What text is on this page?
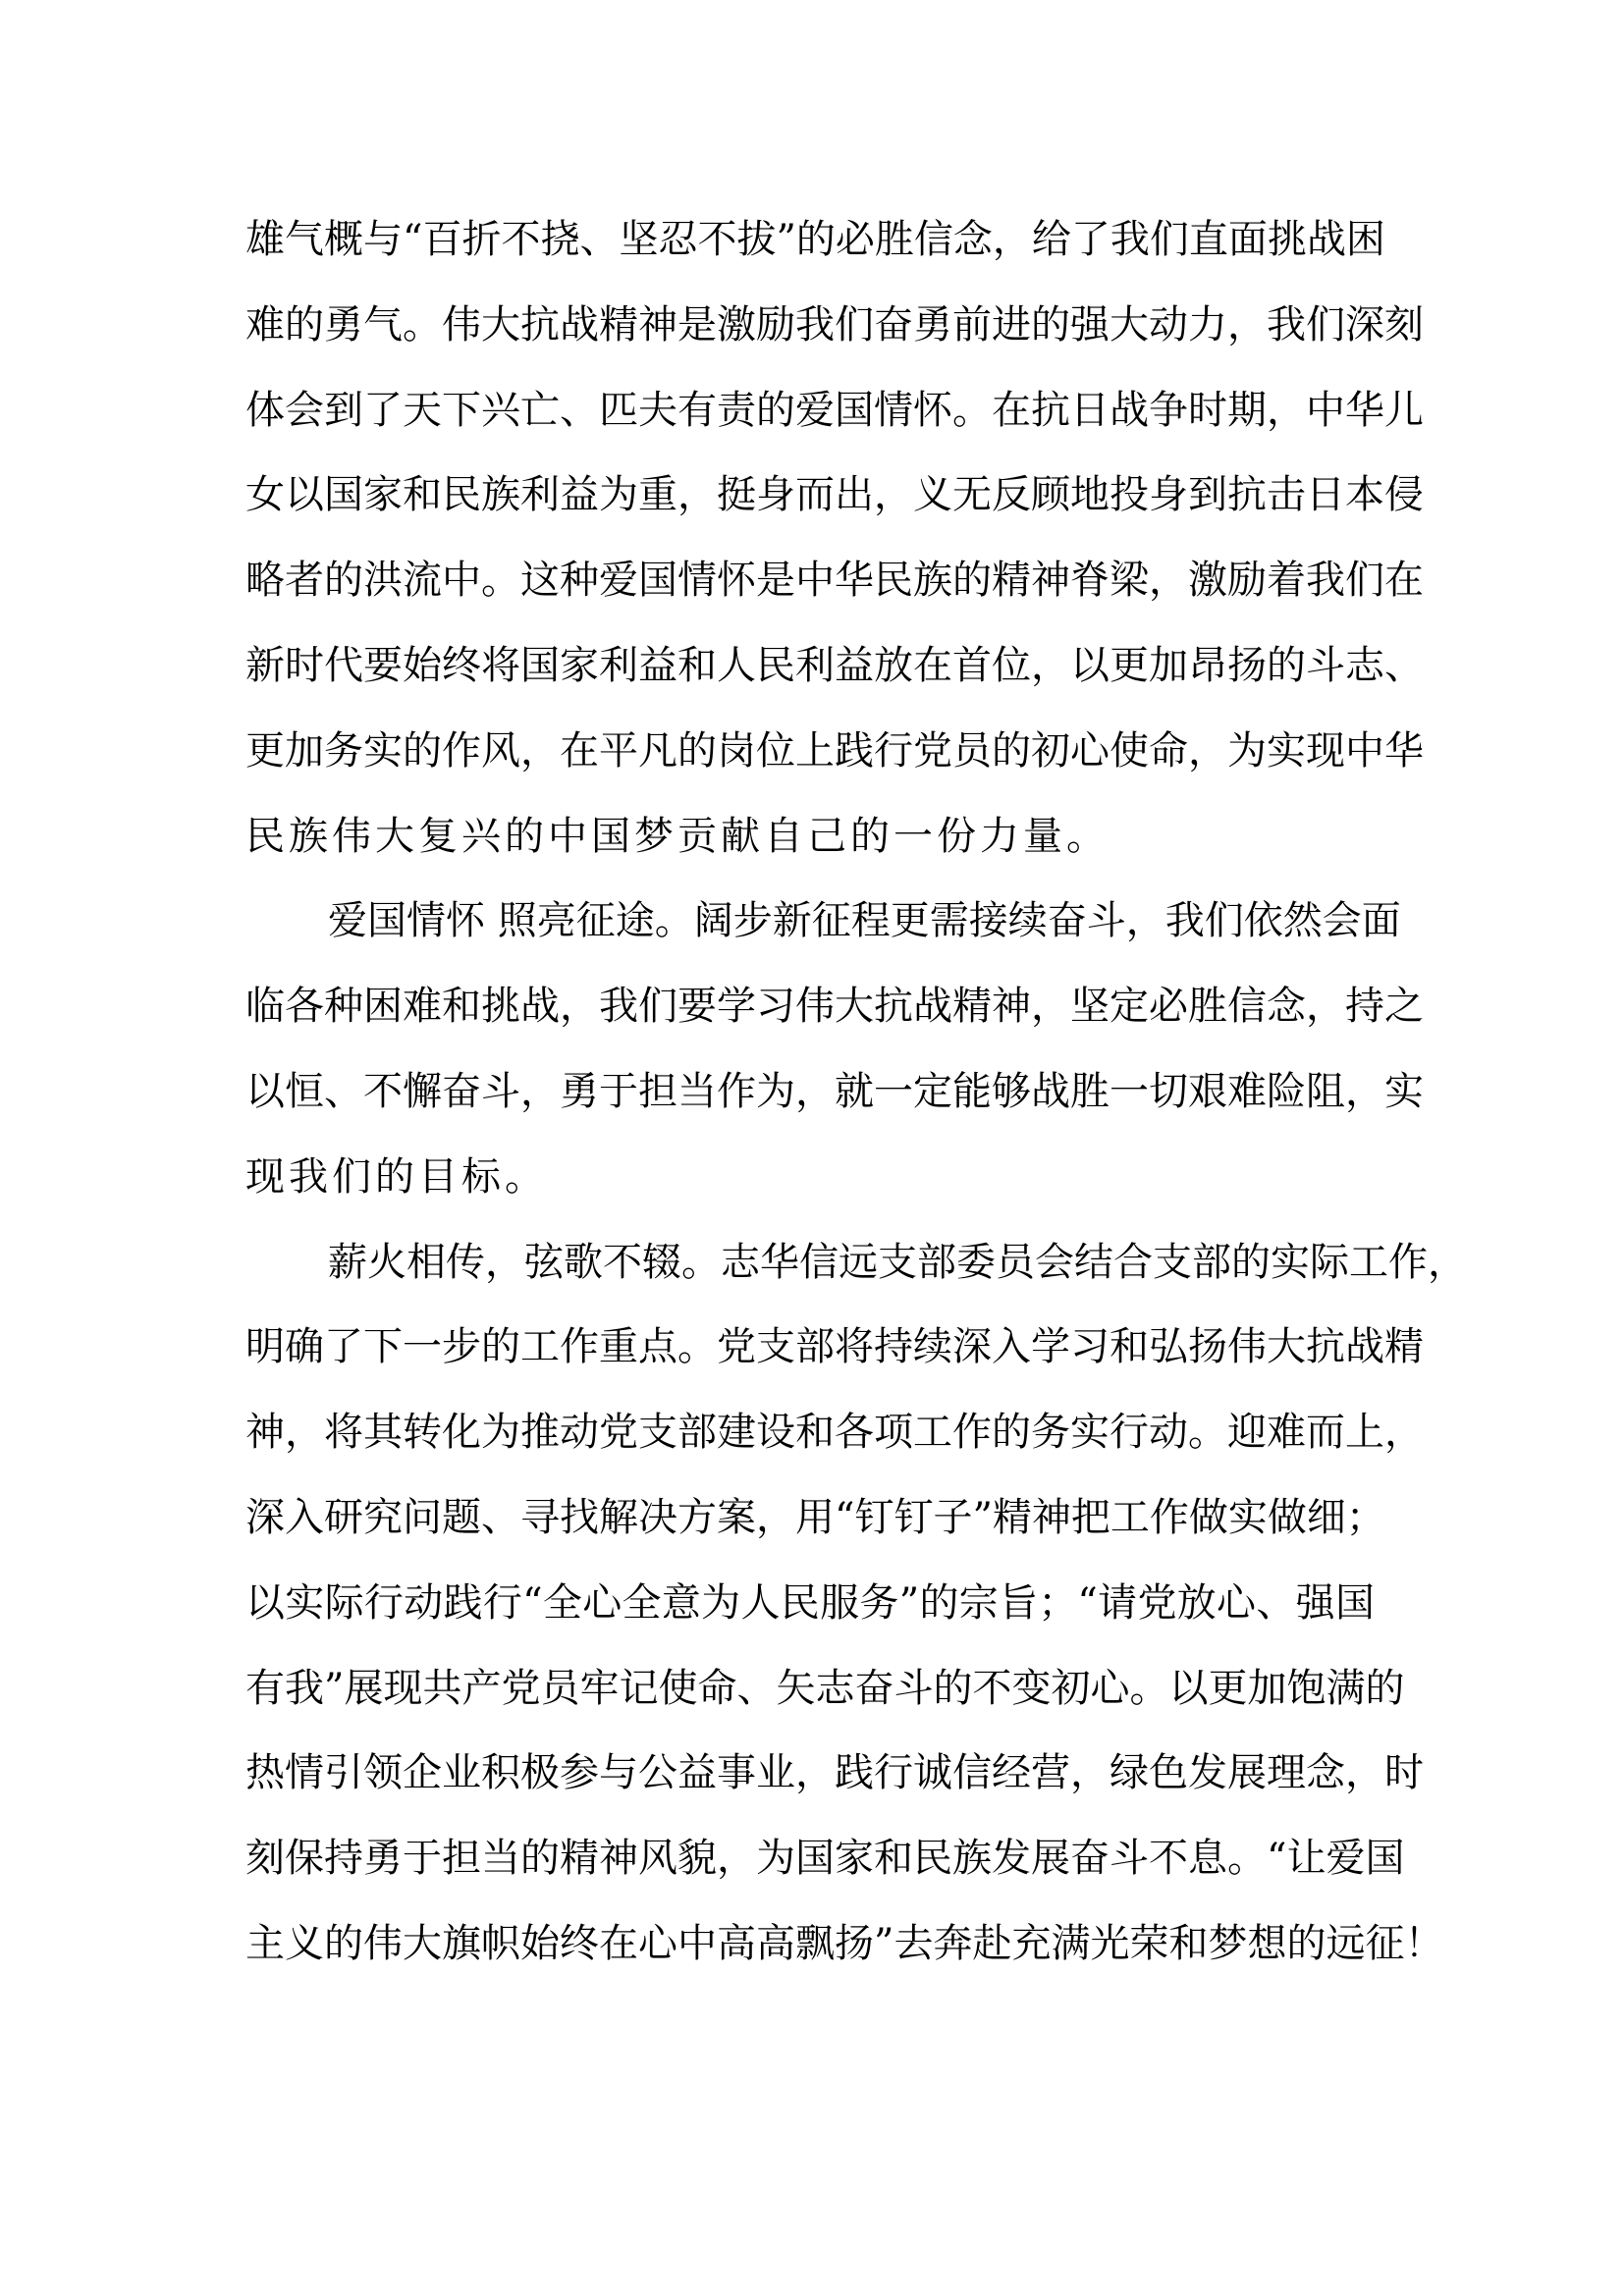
雄气概与“百折不挠、坚忍不拔”的必胜信念，给了我们直面挑战困
难的勇气。伟大抗战精神是激励我们奋勇前进的强大动力，我们深刻
体会到了天下兴亡、匹夫有责的爱国情怀。在抗日战争时期，中华儿
女以国家和民族利益为重，挺身而出，义无反顾地投身到抗击日本侵
略者的洪流中。这种爱国情怀是中华民族的精神脊梁，激励着我们在
新时代要始终将国家利益和人民利益放在首位，以更加昂扬的斗志、
更加务实的作风，在平凡的岗位上践行党员的初心使命，为实现中华
民族伟大复兴的中国梦贡献自己的一份力量。
爱国情怀 照亮征途。阔步新征程更需接续奋斗，我们依然会面
临各种困难和挑战，我们要学习伟大抗战精神，坚定必胜信念，持之
以恒、不懈奋斗，勇于担当作为，就一定能够战胜一切艰难险阻，实
现我们的目标。
薪火相传，弦歌不辍。志华信远支部委员会结合支部的实际工作，
明确了下一步的工作重点。党支部将持续深入学习和弘扬伟大抗战精
神，将其转化为推动党支部建设和各项工作的务实行动。迎难而上，
深入研究问题、寻找解决方案，用“钉钉子”精神把工作做实做细；
以实际行动践行“全心全意为人民服务”的宗旨；“请党放心、强国
有我”展现共产党员牢记使命、矢志奋斗的不变初心。以更加饱满的
热情引领企业积极参与公益事业，践行诚信经营，绿色发展理念，时
刻保持勇于担当的精神风貌，为国家和民族发展奋斗不息。“让爱国
主义的伟大旗帜始终在心中高高飘扬”去奔赴充满光荣和梦想的远征！
